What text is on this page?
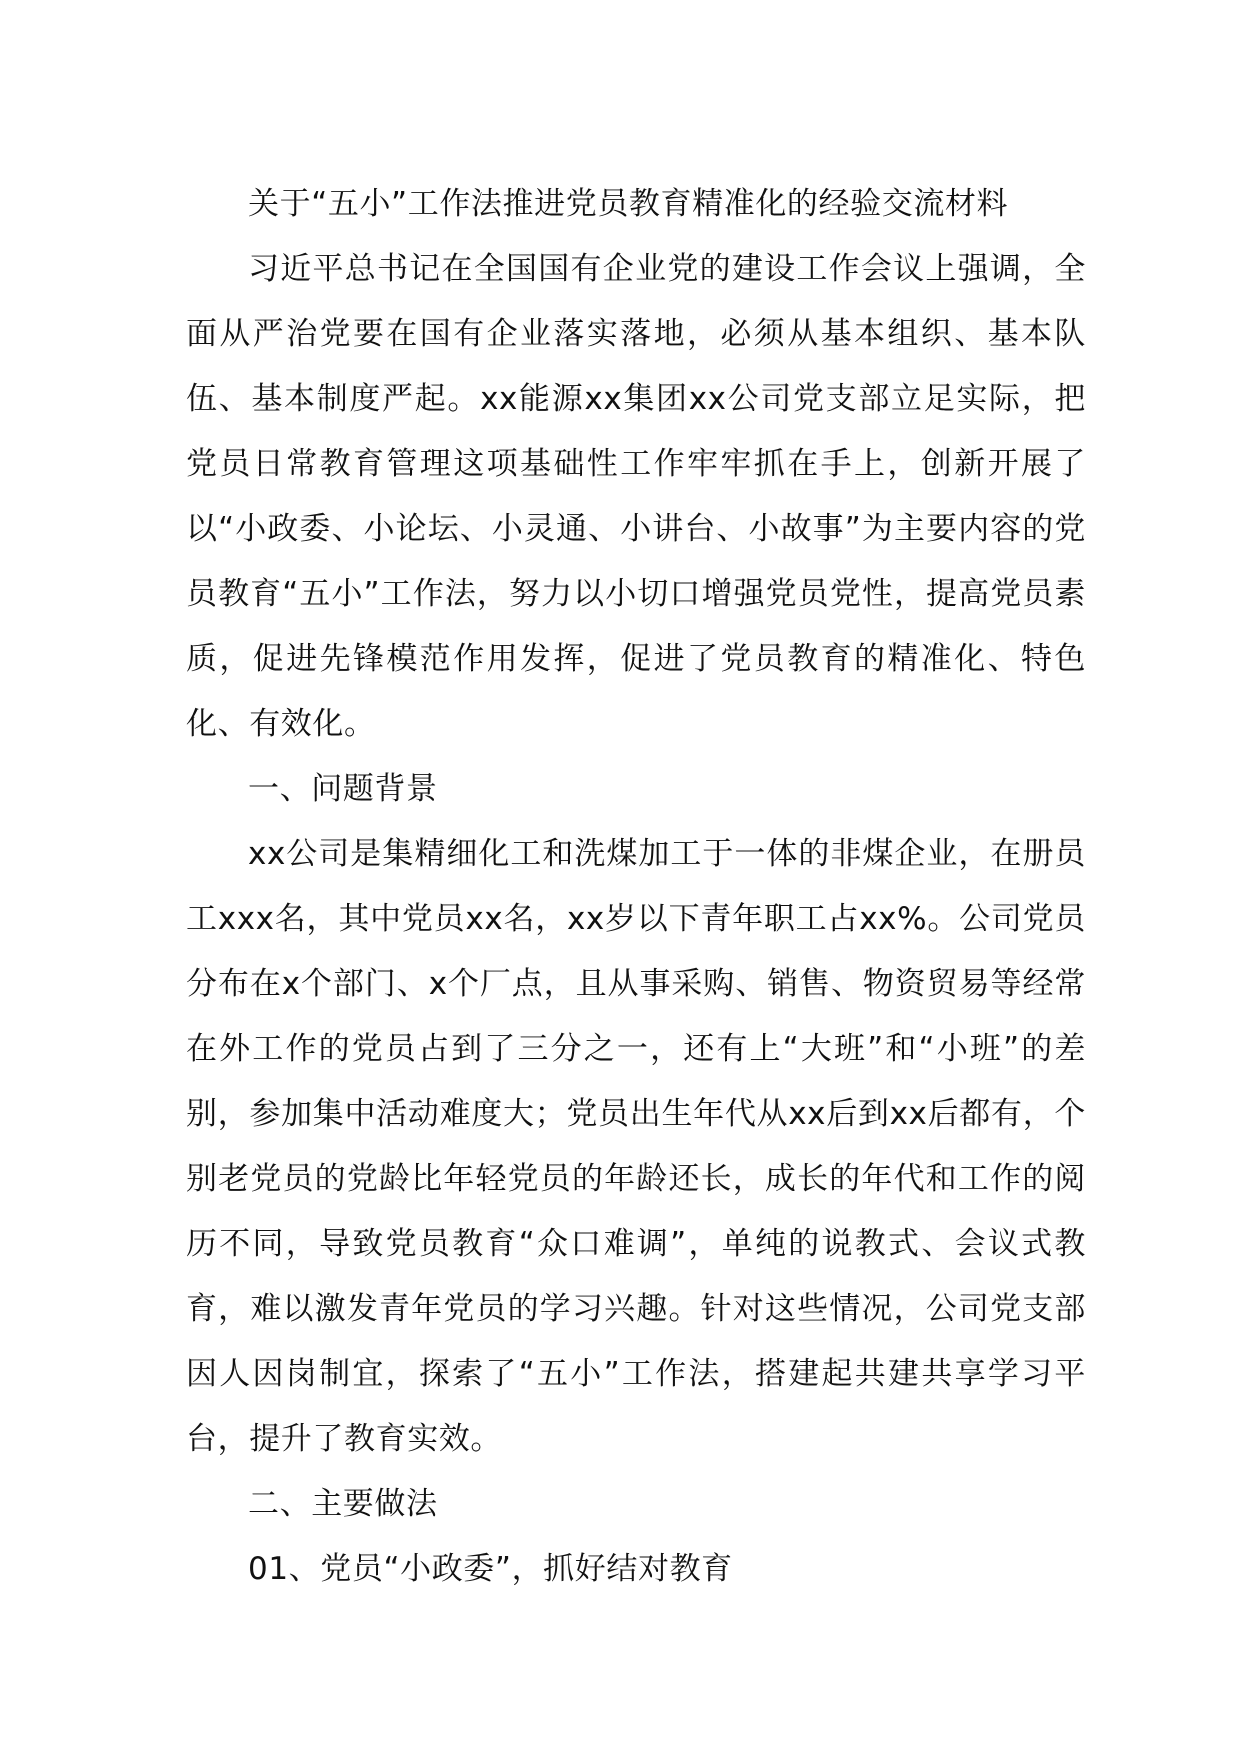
关于“五小”工作法推进党员教育精准化的经验交流材料

习近平总书记在全国国有企业党的建设工作会议上强调，全面从严治党要在国有企业落实落地，必须从基本组织、基本队伍、基本制度严起。xx能源xx集团xx公司党支部立足实际，把党员日常教育管理这项基础性工作牢牢抓在手上，创新开展了以“小政委、小论坛、小灵通、小讲台、小故事”为主要内容的党员教育“五小”工作法，努力以小切口增强党员党性，提高党员素质，促进先锋模范作用发挥，促进了党员教育的精准化、特色化、有效化。

一、问题背景

xx公司是集精细化工和洗煤加工于一体的非煤企业，在册员工xxx名，其中党员xx名，xx岁以下青年职工占xx%。公司党员分布在x个部门、x个厂点，且从事采购、销售、物资贸易等经常在外工作的党员占到了三分之一，还有上“大班”和“小班”的差别，参加集中活动难度大；党员出生年代从xx后到xx后都有，个别老党员的党龄比年轻党员的年龄还长，成长的年代和工作的阅历不同，导致党员教育“众口难调”，单纯的说教式、会议式教育，难以激发青年党员的学习兴趣。针对这些情况，公司党支部因人因岗制宜，探索了“五小”工作法，搭建起共建共享学习平台，提升了教育实效。

二、主要做法

01、党员“小政委”，抓好结对教育
